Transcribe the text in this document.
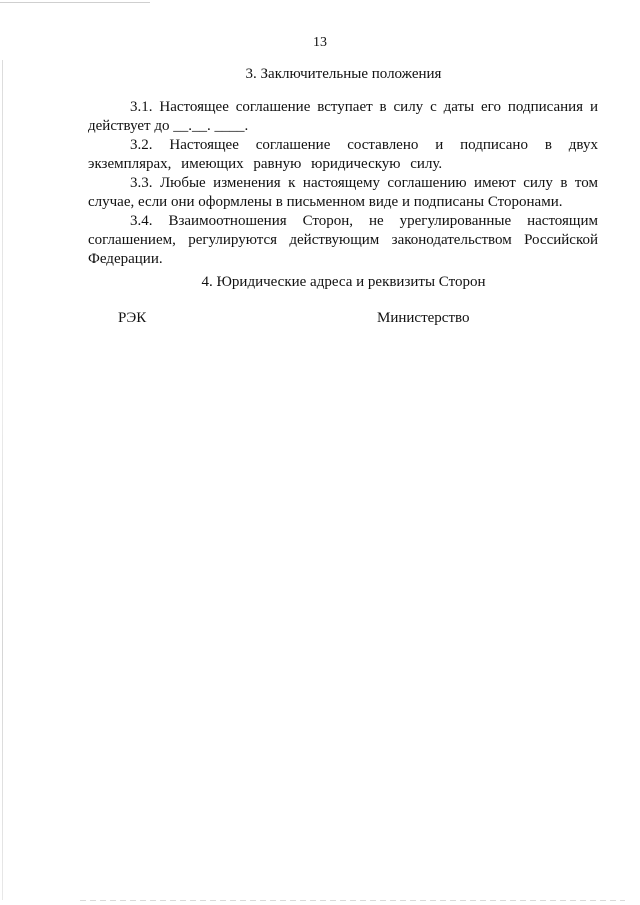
13
3. Заключительные положения

3.1. Настоящее соглашение вступает в силу с даты его подписания и действует до __.__. ____.

3.2. Настоящее соглашение составлено и подписано в двух экземплярах, имеющих равную юридическую силу.

3.3. Любые изменения к настоящему соглашению имеют силу в том случае, если они оформлены в письменном виде и подписаны Сторонами.

3.4. Взаимоотношения Сторон, не урегулированные настоящим соглашением, регулируются действующим законодательством Российской Федерации.

4. Юридические адреса и реквизиты Сторон
РЭК	Министерство
